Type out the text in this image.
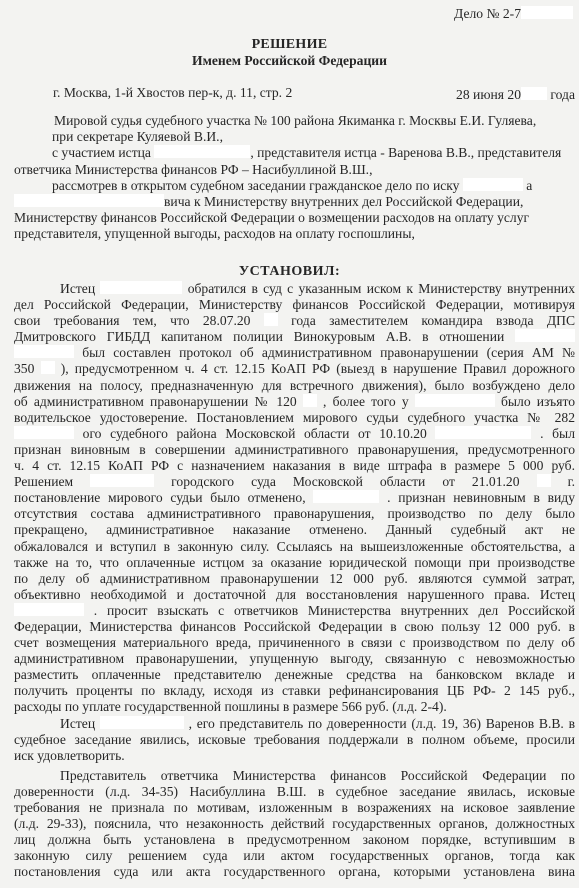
Дело № 2-7
РЕШЕНИЕ
Именем Российской Федерации
г. Москва, 1-й Хвостов пер-к, д. 11, стр. 2	28 июня 20 года
Мировой судья судебного участка № 100 района Якиманка г. Москвы Е.И. Гуляева,
при секретаре Куляевой В.И.,
с участием истца	, представителя истца - Варенова В.В., представителя
ответчика Министерства финансов РФ – Насибуллиной В.Ш.,
рассмотрев в открытом судебном заседании гражданское дело по иску	а
вича к Министерству внутренних дел Российской Федерации,
Министерству финансов Российской Федерации о возмещении расходов на оплату услуг
представителя, упущенной выгоды, расходов на оплату госпошлины,
УСТАНОВИЛ:
Истец	обратился в суд с указанным иском к Министерству внутренних
дел Российской Федерации, Министерству финансов Российской Федерации, мотивируя
свои требования тем, что 28.07.20	года заместителем командира взвода ДПС
Дмитровского ГИБДД капитаном полиции Винокуровым А.В. в отношении
был составлен протокол об административном правонарушении (серия АМ №
350 ), предусмотренном ч. 4 ст. 12.15 КоАП РФ (выезд в нарушение Правил дорожного
движения на полосу, предназначенную для встречного движения), было возбуждено дело
об административном правонарушении № 120 , более того у	было изъято
водительское удостоверение. Постановлением мирового судьи судебного участка № 282
ого судебного района Московской области от 10.10.20	. был
признан виновным в совершении административного правонарушения, предусмотренного
ч. 4 ст. 12.15 КоАП РФ с назначением наказания в виде штрафа в размере 5 000 руб.
Решением	городского суда Московской области от 21.01.20	г.
постановление мирового судьи было отменено,	. признан невиновным в виду
отсутствия состава административного правонарушения, производство по делу было
прекращено, административное наказание отменено. Данный судебный акт не
обжаловался и вступил в законную силу. Ссылаясь на вышеизложенные обстоятельства, а
также на то, что оплаченные истцом за оказание юридической помощи при производстве
по делу об административном правонарушении 12 000 руб. являются суммой затрат,
объективно необходимой и достаточной для восстановления нарушенного права. Истец
. просит взыскать с ответчиков Министерства внутренних дел Российской
Федерации, Министерства финансов Российской Федерации в свою пользу 12 000 руб. в
счет возмещения материального вреда, причиненного в связи с производством по делу об
административном правонарушении, упущенную выгоду, связанную с невозможностью
разместить оплаченные представителю денежные средства на банковском вкладе и
получить проценты по вкладу, исходя из ставки рефинансирования ЦБ РФ- 2 145 руб.,
расходы по уплате государственной пошлины в размере 566 руб. (л.д. 2-4).
Истец	, его представитель по доверенности (л.д. 19, 36) Варенов В.В. в
судебное заседание явились, исковые требования поддержали в полном объеме, просили
иск удовлетворить.
Представитель ответчика Министерства финансов Российской Федерации по
доверенности (л.д. 34-35) Насибуллина В.Ш. в судебное заседание явилась, исковые
требования не признала по мотивам, изложенным в возражениях на исковое заявление
(л.д. 29-33), пояснила, что незаконность действий государственных органов, должностных
лиц должна быть установлена в предусмотренном законом порядке, вступившим в
законную силу решением суда или актом государственных органов, тогда как
постановления суда или акта государственного органа, которыми установлена вина
